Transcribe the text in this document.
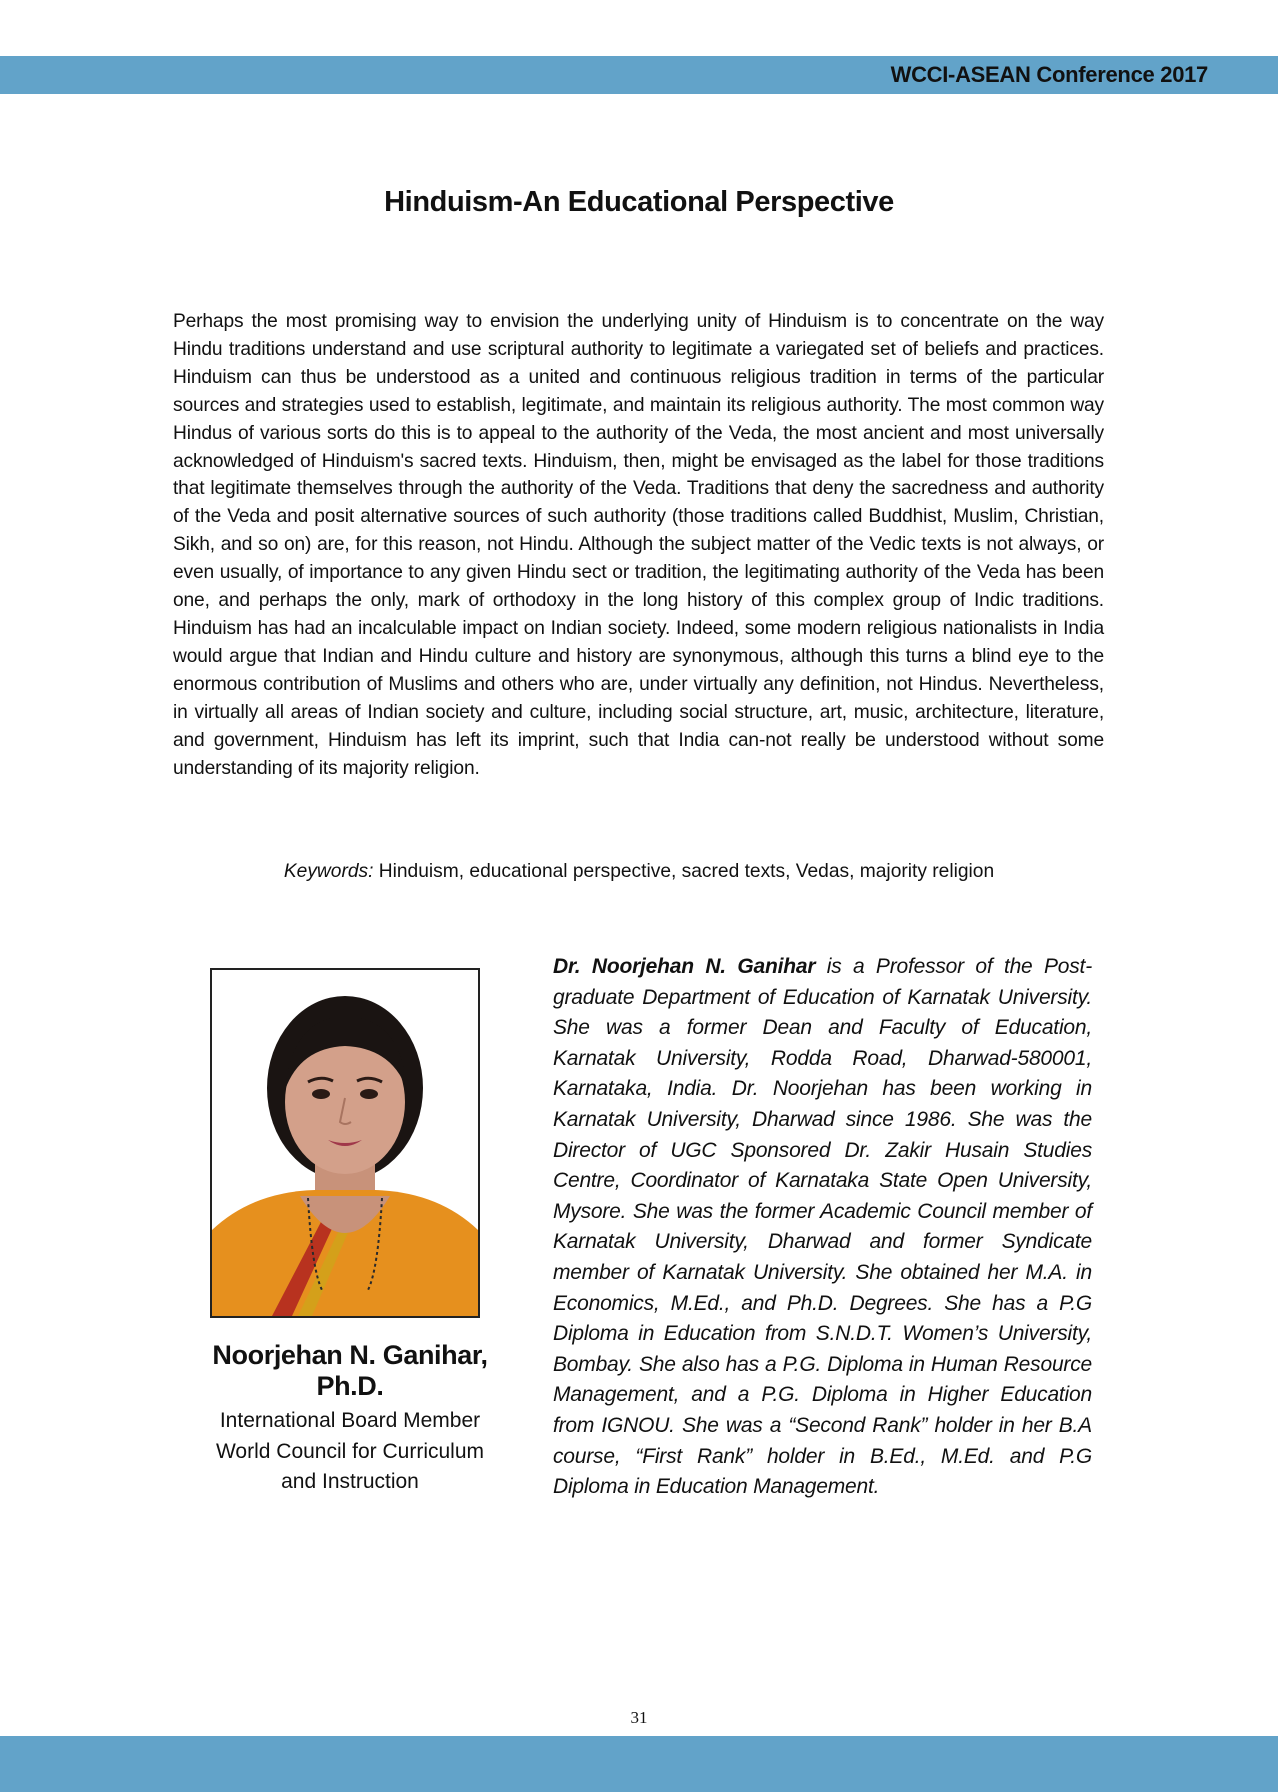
WCCI-ASEAN Conference 2017
Hinduism-An Educational Perspective

Perhaps the most promising way to envision the underlying unity of Hinduism is to concentrate on the way Hindu traditions understand and use scriptural authority to legitimate a variegated set of beliefs and practices. Hinduism can thus be understood as a united and continuous religious tradition in terms of the particular sources and strategies used to establish, legitimate, and maintain its religious authority. The most common way Hindus of various sorts do this is to appeal to the authority of the Veda, the most ancient and most universally acknowledged of Hinduism's sacred texts. Hinduism, then, might be envisaged as the label for those traditions that legitimate themselves through the authority of the Veda. Traditions that deny the sacredness and authority of the Veda and posit alternative sources of such authority (those traditions called Buddhist, Muslim, Christian, Sikh, and so on) are, for this reason, not Hindu. Although the subject matter of the Vedic texts is not always, or even usually, of importance to any given Hindu sect or tradition, the legitimating authority of the Veda has been one, and perhaps the only, mark of orthodoxy in the long history of this complex group of Indic traditions. Hinduism has had an incalculable impact on Indian society. Indeed, some modern religious nationalists in India would argue that Indian and Hindu culture and history are synonymous, although this turns a blind eye to the enormous contribution of Muslims and others who are, under virtually any definition, not Hindus. Nevertheless, in virtually all areas of Indian society and culture, including social structure, art, music, architecture, literature, and government, Hinduism has left its imprint, such that India can-not really be understood without some understanding of its majority religion.

Keywords: Hinduism, educational perspective, sacred texts, Vedas, majority religion
Noorjehan N. Ganihar,
Ph.D.
International Board Member
World Council for Curriculum
and Instruction

Dr. Noorjehan N. Ganihar is a Professor of the Post-graduate Department of Education of Karnatak University. She was a former Dean and Faculty of Education, Karnatak University, Rodda Road, Dharwad-580001, Karnataka, India. Dr. Noorjehan has been working in Karnatak University, Dharwad since 1986. She was the Director of UGC Sponsored Dr. Zakir Husain Studies Centre, Coordinator of Karnataka State Open University, Mysore. She was the former Academic Council member of Karnatak University, Dharwad and former Syndicate member of Karnatak University. She obtained her M.A. in Economics, M.Ed., and Ph.D. Degrees. She has a P.G Diploma in Education from S.N.D.T. Women’s University, Bombay. She also has a P.G. Diploma in Human Resource Management, and a P.G. Diploma in Higher Education from IGNOU. She was a “Second Rank” holder in her B.A course, “First Rank” holder in B.Ed., M.Ed. and P.G Diploma in Education Management.

31
